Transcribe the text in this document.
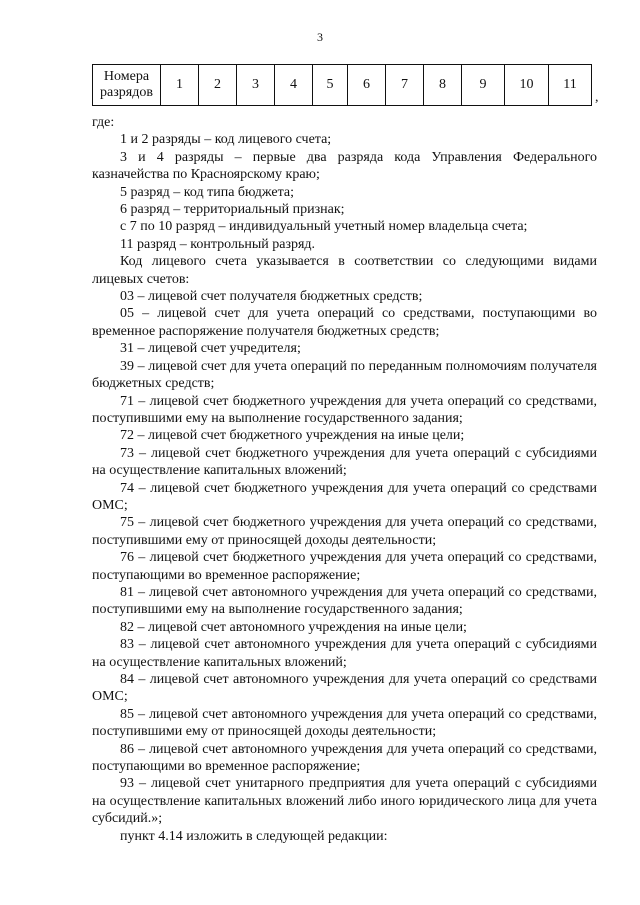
3
Номера
разрядов	1	2	3	4	5	6	7	8	9	10	11
,

где:

1 и 2 разряды – код лицевого счета;

3 и 4 разряды – первые два разряда кода Управления Федерального казначейства по Красноярскому краю;

5 разряд – код типа бюджета;

6 разряд – территориальный признак;

с 7 по 10 разряд – индивидуальный учетный номер владельца счета;

11 разряд – контрольный разряд.

Код лицевого счета указывается в соответствии со следующими видами лицевых счетов:

03 – лицевой счет получателя бюджетных средств;

05 – лицевой счет для учета операций со средствами, поступающими во временное распоряжение получателя бюджетных средств;

31 – лицевой счет учредителя;

39 – лицевой счет для учета операций по переданным полномочиям получателя бюджетных средств;

71 – лицевой счет бюджетного учреждения для учета операций со средствами, поступившими ему на выполнение государственного задания;

72 – лицевой счет бюджетного учреждения на иные цели;

73 – лицевой счет бюджетного учреждения для учета операций с субсидиями на осуществление капитальных вложений;

74 – лицевой счет бюджетного учреждения для учета операций со средствами ОМС;

75 – лицевой счет бюджетного учреждения для учета операций со средствами, поступившими ему от приносящей доходы деятельности;

76 – лицевой счет бюджетного учреждения для учета операций со средствами, поступающими во временное распоряжение;

81 – лицевой счет автономного учреждения для учета операций со средствами, поступившими ему на выполнение государственного задания;

82 – лицевой счет автономного учреждения на иные цели;

83 – лицевой счет автономного учреждения для учета операций с субсидиями на осуществление капитальных вложений;

84 – лицевой счет автономного учреждения для учета операций со средствами ОМС;

85 – лицевой счет автономного учреждения для учета операций со средствами, поступившими ему от приносящей доходы деятельности;

86 – лицевой счет автономного учреждения для учета операций со средствами, поступающими во временное распоряжение;

93 – лицевой счет унитарного предприятия для учета операций с субсидиями на осуществление капитальных вложений либо иного юридического лица для учета субсидий.»;

пункт 4.14 изложить в следующей редакции:
